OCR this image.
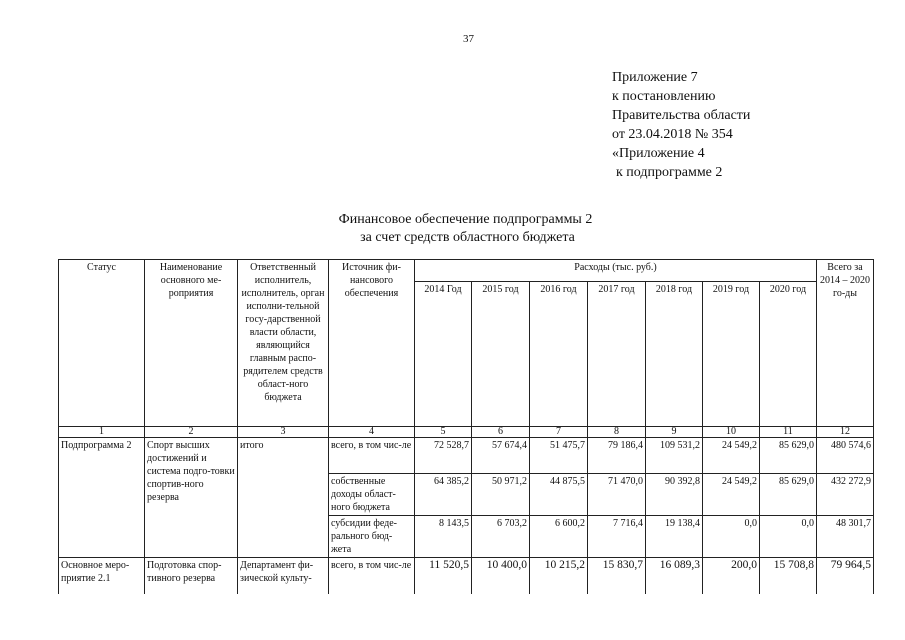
37
Приложение 7
к постановлению
Правительства области
от 23.04.2018 № 354
«Приложение 4
к подпрограмме 2
Финансовое обеспечение подпрограммы 2
за счет средств областного бюджета
Статус	Наименование основного ме-роприятия	Ответственный исполнитель, исполнитель, орган исполни-тельной госу-дарственной власти области, являющийся главным распо-рядителем средств област-ного бюджета	Источник фи-нансового обеспечения	Расходы (тыс. руб.)							Всего за 2014 – 2020 го-ды
				2014 Год	2015 год	2016 год	2017 год	2018 год	2019 год	2020 год	
1	2	3	4	5	6	7	8	9	10	11	12
Подпрограмма 2	Спорт высших достижений и система подго-товки спортив-ного резерва	итого	всего, в том чис-ле	72 528,7	57 674,4	51 475,7	79 186,4	109 531,2	24 549,2	85 629,0	480 574,6
			собственные доходы област-ного бюджета	64 385,2	50 971,2	44 875,5	71 470,0	90 392,8	24 549,2	85 629,0	432 272,9
			субсидии феде-рального бюд-жета	8 143,5	6 703,2	6 600,2	7 716,4	19 138,4	0,0	0,0	48 301,7
Основное меро-приятие 2.1	Подготовка спор-тивного резерва	Департамент фи-зической культу-	всего, в том чис-ле	11 520,5	10 400,0	10 215,2	15 830,7	16 089,3	200,0	15 708,8	79 964,5
